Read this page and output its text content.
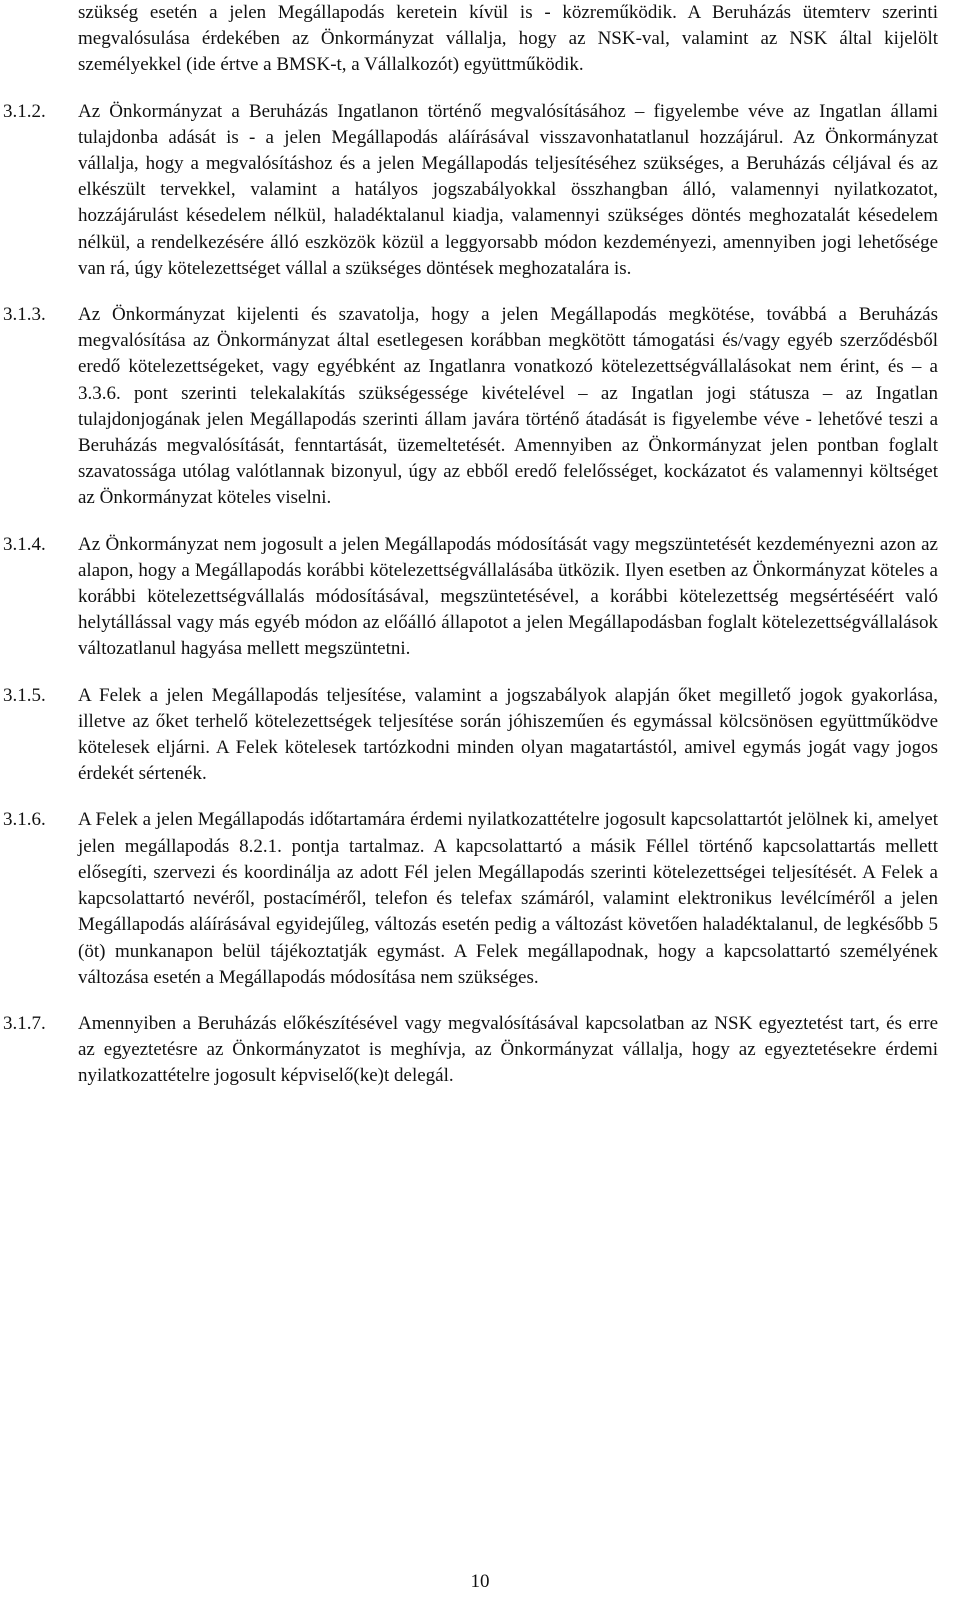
szükség esetén a jelen Megállapodás keretein kívül is - közreműködik. A Beruházás ütemterv szerinti megvalósulása érdekében az Önkormányzat vállalja, hogy az NSK-val, valamint az NSK által kijelölt személyekkel (ide értve a BMSK-t, a Vállalkozót) együttműködik.

3.1.2. Az Önkormányzat a Beruházás Ingatlanon történő megvalósításához – figyelembe véve az Ingatlan állami tulajdonba adását is - a jelen Megállapodás aláírásával visszavonhatatlanul hozzájárul. Az Önkormányzat vállalja, hogy a megvalósításhoz és a jelen Megállapodás teljesítéséhez szükséges, a Beruházás céljával és az elkészült tervekkel, valamint a hatályos jogszabályokkal összhangban álló, valamennyi nyilatkozatot, hozzájárulást késedelem nélkül, haladéktalanul kiadja, valamennyi szükséges döntés meghozatalát késedelem nélkül, a rendelkezésére álló eszközök közül a leggyorsabb módon kezdeményezi, amennyiben jogi lehetősége van rá, úgy kötelezettséget vállal a szükséges döntések meghozatalára is.

3.1.3. Az Önkormányzat kijelenti és szavatolja, hogy a jelen Megállapodás megkötése, továbbá a Beruházás megvalósítása az Önkormányzat által esetlegesen korábban megkötött támogatási és/vagy egyéb szerződésből eredő kötelezettségeket, vagy egyébként az Ingatlanra vonatkozó kötelezettségvállalásokat nem érint, és – a 3.3.6. pont szerinti telekalakítás szükségessége kivételével – az Ingatlan jogi státusza – az Ingatlan tulajdonjogának jelen Megállapodás szerinti állam javára történő átadását is figyelembe véve - lehetővé teszi a Beruházás megvalósítását, fenntartását, üzemeltetését. Amennyiben az Önkormányzat jelen pontban foglalt szavatossága utólag valótlannak bizonyul, úgy az ebből eredő felelősséget, kockázatot és valamennyi költséget az Önkormányzat köteles viselni.

3.1.4. Az Önkormányzat nem jogosult a jelen Megállapodás módosítását vagy megszüntetését kezdeményezni azon az alapon, hogy a Megállapodás korábbi kötelezettségvállalásába ütközik. Ilyen esetben az Önkormányzat köteles a korábbi kötelezettségvállalás módosításával, megszüntetésével, a korábbi kötelezettség megsértéséért való helytállással vagy más egyéb módon az előálló állapotot a jelen Megállapodásban foglalt kötelezettségvállalások változatlanul hagyása mellett megszüntetni.

3.1.5. A Felek a jelen Megállapodás teljesítése, valamint a jogszabályok alapján őket megillető jogok gyakorlása, illetve az őket terhelő kötelezettségek teljesítése során jóhiszeműen és egymással kölcsönösen együttműködve kötelesek eljárni. A Felek kötelesek tartózkodni minden olyan magatartástól, amivel egymás jogát vagy jogos érdekét sértenék.

3.1.6. A Felek a jelen Megállapodás időtartamára érdemi nyilatkozattételre jogosult kapcsolattartót jelölnek ki, amelyet jelen megállapodás 8.2.1. pontja tartalmaz. A kapcsolattartó a másik Féllel történő kapcsolattartás mellett elősegíti, szervezi és koordinálja az adott Fél jelen Megállapodás szerinti kötelezettségei teljesítését. A Felek a kapcsolattartó nevéről, postacíméről, telefon és telefax számáról, valamint elektronikus levélcíméről a jelen Megállapodás aláírásával egyidejűleg, változás esetén pedig a változást követően haladéktalanul, de legkésőbb 5 (öt) munkanapon belül tájékoztatják egymást. A Felek megállapodnak, hogy a kapcsolattartó személyének változása esetén a Megállapodás módosítása nem szükséges.

3.1.7. Amennyiben a Beruházás előkészítésével vagy megvalósításával kapcsolatban az NSK egyeztetést tart, és erre az egyeztetésre az Önkormányzatot is meghívja, az Önkormányzat vállalja, hogy az egyeztetésekre érdemi nyilatkozattételre jogosult képviselő(ke)t delegál.

10
